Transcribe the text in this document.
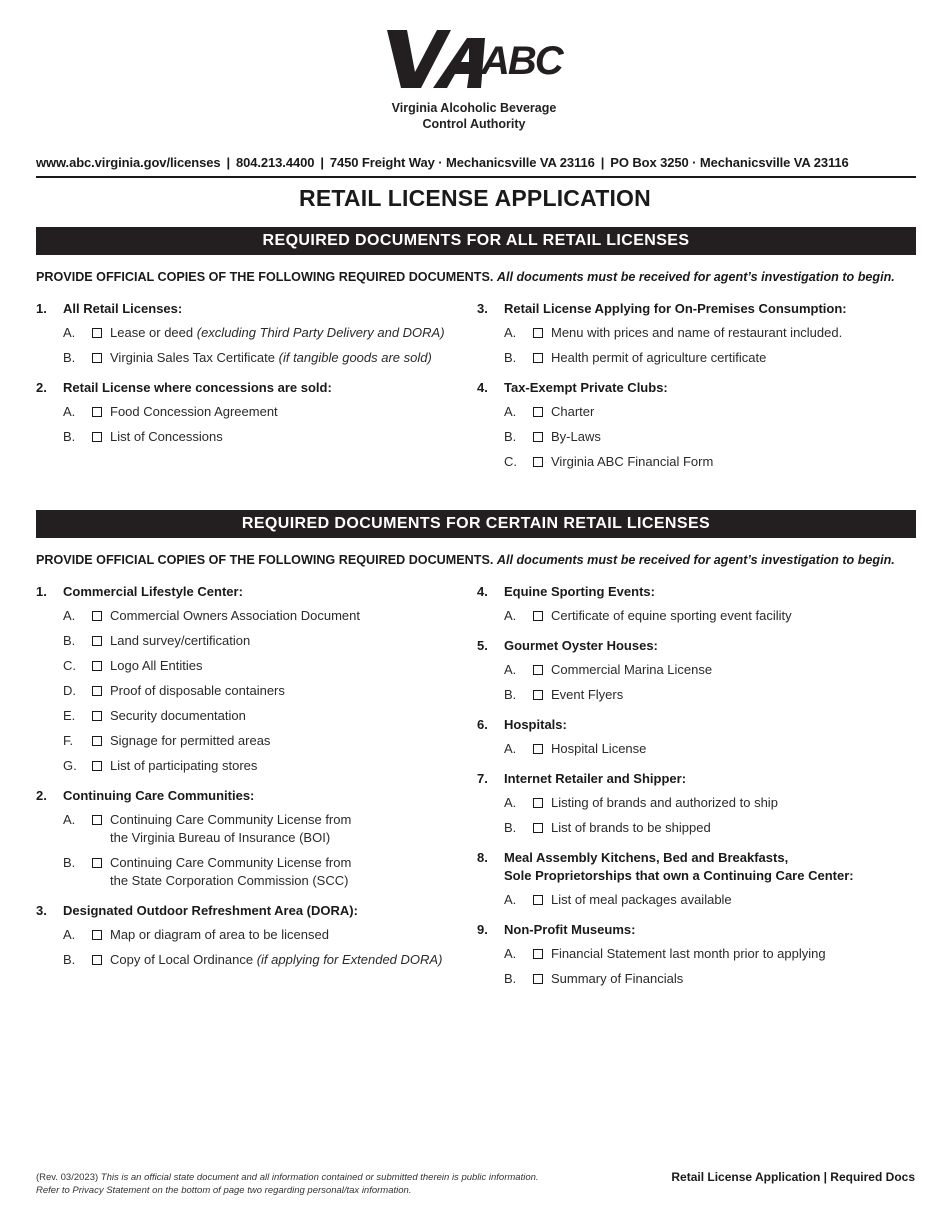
ABC
Virginia Alcoholic Beverage
Control Authority
www.abc.virginia.gov/licenses | 804.213.4400 | 7450 Freight Way · Mechanicsville VA 23116 | PO Box 3250 · Mechanicsville VA 23116
RETAIL LICENSE APPLICATION
REQUIRED DOCUMENTS FOR ALL RETAIL LICENSES
PROVIDE OFFICIAL COPIES OF THE FOLLOWING REQUIRED DOCUMENTS. All documents must be received for agent’s investigation to begin.
1.	All Retail Licenses:
A.	Lease or deed (excluding Third Party Delivery and DORA)
B.	Virginia Sales Tax Certificate (if tangible goods are sold)
2.	Retail License where concessions are sold:
A.	Food Concession Agreement
B.	List of Concessions
3.	Retail License Applying for On-Premises Consumption:
A.	Menu with prices and name of restaurant included.
B.	Health permit of agriculture certificate
4.	Tax-Exempt Private Clubs:
A.	Charter
B.	By-Laws
C.	Virginia ABC Financial Form
REQUIRED DOCUMENTS FOR CERTAIN RETAIL LICENSES
PROVIDE OFFICIAL COPIES OF THE FOLLOWING REQUIRED DOCUMENTS. All documents must be received for agent’s investigation to begin.
1.	Commercial Lifestyle Center:
A.	Commercial Owners Association Document
B.	Land survey/certification
C.	Logo All Entities
D.	Proof of disposable containers
E.	Security documentation
F.	Signage for permitted areas
G.	List of participating stores
2.	Continuing Care Communities:
A.	Continuing Care Community License from
the Virginia Bureau of Insurance (BOI)
B.	Continuing Care Community License from
the State Corporation Commission (SCC)
3.	Designated Outdoor Refreshment Area (DORA):
A.	Map or diagram of area to be licensed
B.	Copy of Local Ordinance (if applying for Extended DORA)
4.	Equine Sporting Events:
A.	Certificate of equine sporting event facility
5.	Gourmet Oyster Houses:
A.	Commercial Marina License
B.	Event Flyers
6.	Hospitals:
A.	Hospital License
7.	Internet Retailer and Shipper:
A.	Listing of brands and authorized to ship
B.	List of brands to be shipped
8.	Meal Assembly Kitchens, Bed and Breakfasts,
Sole Proprietorships that own a Continuing Care Center:
A.	List of meal packages available
9.	Non-Profit Museums:
A.	Financial Statement last month prior to applying
B.	Summary of Financials
(Rev. 03/2023) This is an official state document and all information contained or submitted therein is public information.
Refer to Privacy Statement on the bottom of page two regarding personal/tax information.
Retail License Application | Required Docs
